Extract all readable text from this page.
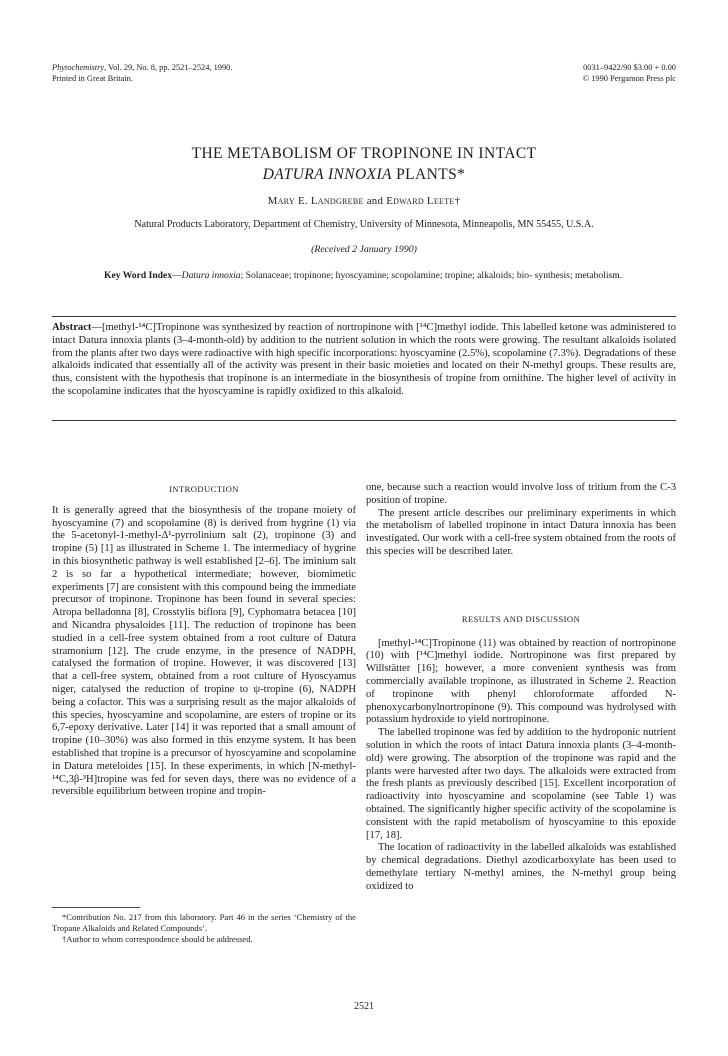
Phytochemistry, Vol. 29, No. 8, pp. 2521–2524, 1990.
Printed in Great Britain.
0031–9422/90 $3.00 + 0.00
© 1990 Pergamon Press plc
THE METABOLISM OF TROPINONE IN INTACT
DATURA INNOXIA PLANTS*
Mary E. Landgrebe and Edward Leete†
Natural Products Laboratory, Department of Chemistry, University of Minnesota, Minneapolis, MN 55455, U.S.A.
(Received 2 January 1990)
Key Word Index—Datura innoxia; Solanaceae; tropinone; hyoscyamine; scopolamine; tropine; alkaloids; bio- synthesis; metabolism.
Abstract—[methyl-¹⁴C]Tropinone was synthesized by reaction of nortropinone with [¹⁴C]methyl iodide. This labelled ketone was administered to intact Datura innoxia plants (3–4-month-old) by addition to the nutrient solution in which the roots were growing. The resultant alkaloids isolated from the plants after two days were radioactive with high specific incorporations: hyoscyamine (2.5%), scopolamine (7.3%). Degradations of these alkaloids indicated that essentially all of the activity was present in their basic moieties and located on their N-methyl groups. These results are, thus, consistent with the hypothesis that tropinone is an intermediate in the biosynthesis of tropine from ornithine. The higher level of activity in the scopolamine indicates that the hyoscyamine is rapidly oxidized to this alkaloid.
INTRODUCTION

It is generally agreed that the biosynthesis of the tropane moiety of hyoscyamine (7) and scopolamine (8) is derived from hygrine (1) via the 5-acetonyl-1-methyl-Δ¹-pyrrolinium salt (2), tropinone (3) and tropine (5) [1] as illustrated in Scheme 1. The intermediacy of hygrine in this biosynthetic pathway is well established [2–6]. The iminium salt 2 is so far a hypothetical intermediate; however, biomimetic experiments [7] are consistent with this compound being the immediate precursor of tropinone. Tropinone has been found in several species: Atropa belladonna [8], Crosstylis biflora [9], Cyphomatra betacea [10] and Nicandra physaloides [11]. The reduction of tropinone has been studied in a cell-free system obtained from a root culture of Datura stramonium [12]. The crude enzyme, in the presence of NADPH, catalysed the formation of tropine. However, it was discovered [13] that a cell-free system, obtained from a root culture of Hyoscyamus niger, catalysed the reduction of tropine to ψ-tropine (6), NADPH being a cofactor. This was a surprising result as the major alkaloids of this species, hyoscyamine and scopolamine, are esters of tropine or its 6,7-epoxy derivative. Later [14] it was reported that a small amount of tropine (10–30%) was also formed in this enzyme system. It has been established that tropine is a precursor of hyoscyamine and scopolamine in Datura meteloides [15]. In these experiments, in which [N-methyl-¹⁴C,3β-³H]tropine was fed for seven days, there was no evidence of a reversible equilibrium between tropine and tropin-

*Contribution No. 217 from this laboratory. Part 46 in the series ‘Chemistry of the Tropane Alkaloids and Related Compounds’.

†Author to whom correspondence should be addressed.

one, because such a reaction would involve loss of tritium from the C-3 position of tropine.

The present article describes our preliminary experiments in which the metabolism of labelled tropinone in intact Datura innoxia has been investigated. Our work with a cell-free system obtained from the roots of this species will be described later.

RESULTS AND DISCUSSION

[methyl-¹⁴C]Tropinone (11) was obtained by reaction of nortropinone (10) with [¹⁴C]methyl iodide. Nortropinone was first prepared by Willstätter [16]; however, a more convenient synthesis was from commercially available tropinone, as illustrated in Scheme 2. Reaction of tropinone with phenyl chloroformate afforded N-phenoxycarbonylnortropinone (9). This compound was hydrolysed with potassium hydroxide to yield nortropinone.

The labelled tropinone was fed by addition to the hydroponic nutrient solution in which the roots of intact Datura innoxia plants (3–4-month-old) were growing. The absorption of the tropinone was rapid and the plants were harvested after two days. The alkaloids were extracted from the fresh plants as previously described [15]. Excellent incorporation of radioactivity into hyoscyamine and scopolamine (see Table 1) was obtained. The significantly higher specific activity of the scopolamine is consistent with the rapid metabolism of hyoscyamine to this epoxide [17, 18].

The location of radioactivity in the labelled alkaloids was established by chemical degradations. Diethyl azodicarboxylate has been used to demethylate tertiary N-methyl amines, the N-methyl group being oxidized to

2521
